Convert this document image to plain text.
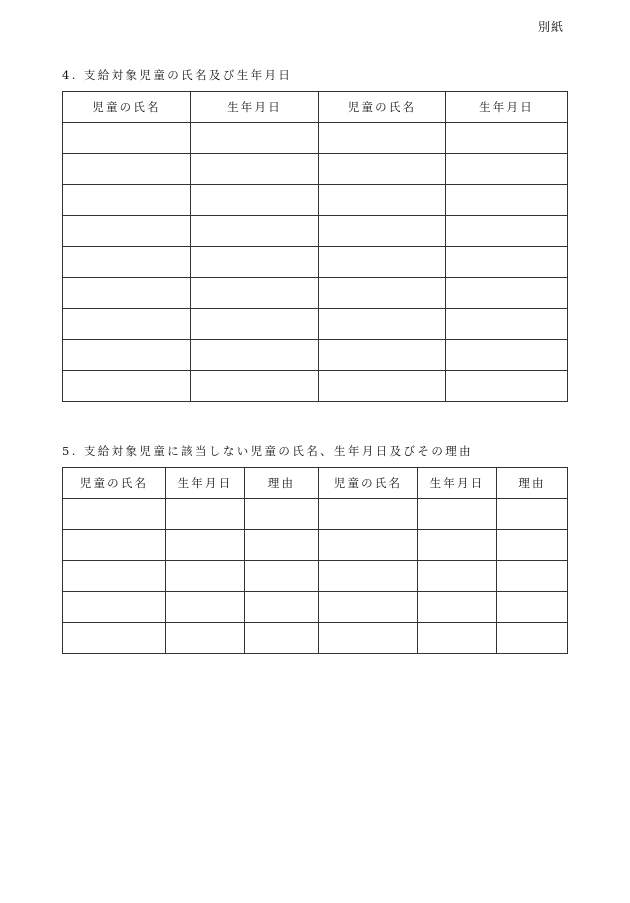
別紙
4. 支給対象児童の氏名及び生年月日
児童の氏名	生年月日	児童の氏名	生年月日

5. 支給対象児童に該当しない児童の氏名、生年月日及びその理由
児童の氏名	生年月日	理由	児童の氏名	生年月日	理由
